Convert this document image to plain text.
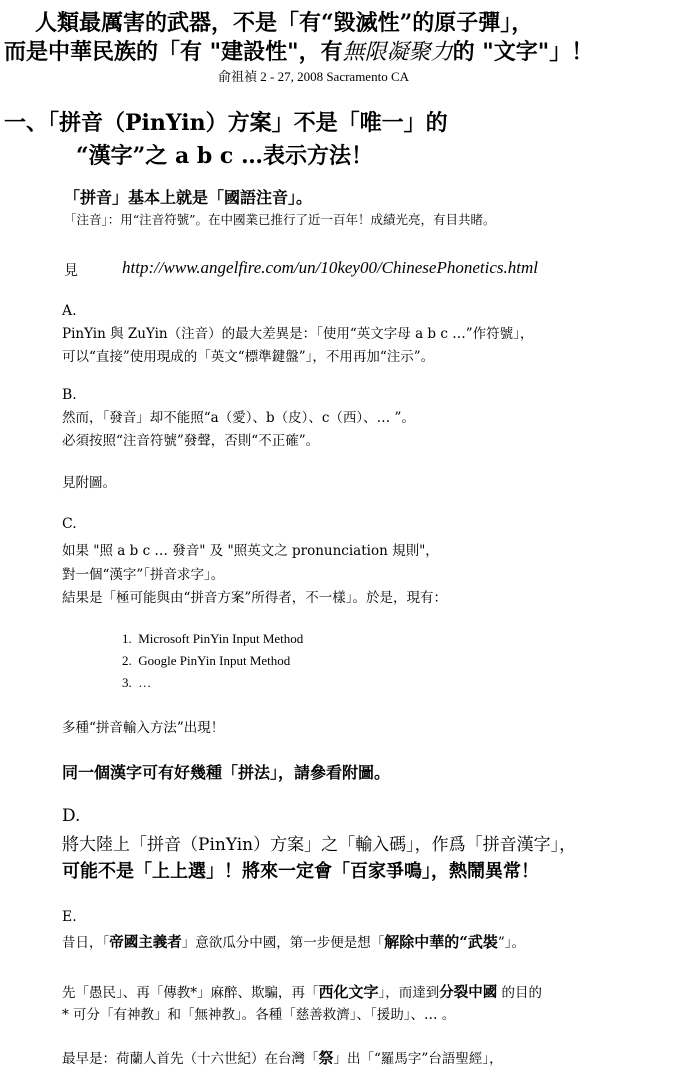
人類最厲害的武器，不是「有“毀滅性”的原子彈」，
而是中華民族的「有 "建設性"，有無限凝聚力的 "文字"」！
俞祖禎 2 - 27, 2008 Sacramento CA
一、「拼音（PinYin）方案」不是「唯一」的
“漢字”之 a b c …表示方法！
「拼音」基本上就是「國語注音」。
「注音」：用“注音符號”。在中國業已推行了近一百年！成績光亮，有目共睹。
見	http://www.angelfire.com/un/10key00/ChinesePhonetics.html
A.
PinYin 與 ZuYin（注音）的最大差異是：「使用“英文字母 a b c …”作符號」，
可以“直接”使用現成的「英文“標準鍵盤”」，不用再加“注示”。
B.
然而，「發音」却不能照“a（愛）、b（皮）、c（西）、… ”。
必須按照“注音符號”發聲，否則“不正確”。
見附圖。
C.
如果 "照 a b c … 發音" 及 "照英文之 pronunciation 規則"，
對一個“漢字”「拼音求字」。
結果是「極可能與由“拼音方案”所得者，不一樣」。於是，現有：
1. Microsoft PinYin Input Method
2. Google PinYin Input Method
3. …
多種“拼音輸入方法”出現！
同一個漢字可有好幾種「拼法」，請參看附圖。
D.
將大陸上「拼音（PinYin）方案」之「輸入碼」，作爲「拼音漢字」，
可能不是「上上選」！將來一定會「百家爭鳴」，熱鬧異常！
E.
昔日，「帝國主義者」意欲瓜分中國，第一步便是想「解除中華的“武裝”」。
先「愚民」、再「傳教*」麻醉、欺騙，再「西化文字」，而達到分裂中國 的目的
* 可分「有神教」和「無神教」。各種「慈善救濟」、「援助」、… 。
最早是：荷蘭人首先（十六世紀）在台灣「祭」出「“羅馬字”台語聖經」，
